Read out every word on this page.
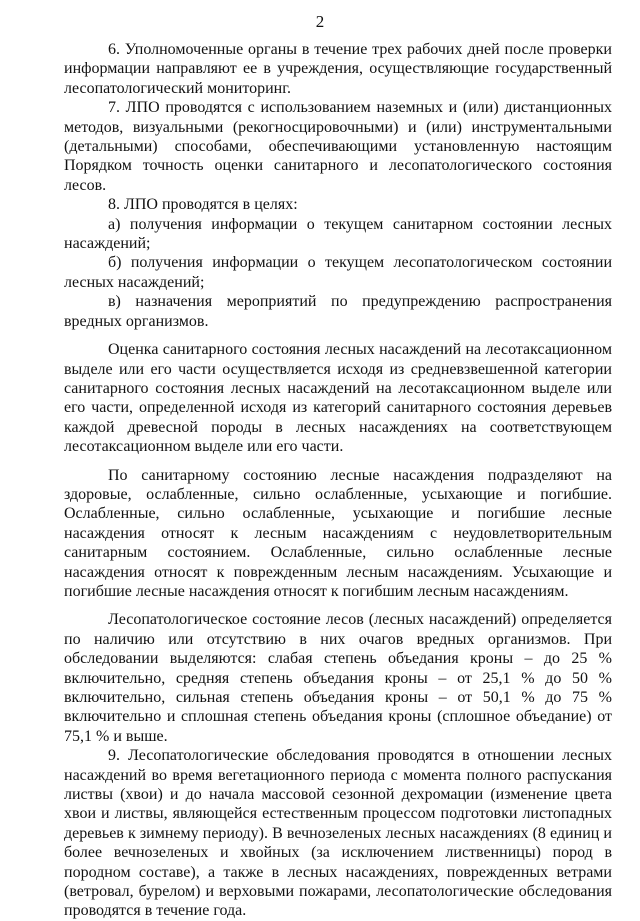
2

6. Уполномоченные органы в течение трех рабочих дней после проверки информации направляют ее в учреждения, осуществляющие государственный лесопатологический мониторинг.

7. ЛПО проводятся с использованием наземных и (или) дистанционных методов, визуальными (рекогносцировочными) и (или) инструментальными (детальными) способами, обеспечивающими установленную настоящим Порядком точность оценки санитарного и лесопатологического состояния лесов.

8. ЛПО проводятся в целях:

а) получения информации о текущем санитарном состоянии лесных насаждений;

б) получения информации о текущем лесопатологическом состоянии лесных насаждений;

в) назначения мероприятий по предупреждению распространения вредных организмов.

Оценка санитарного состояния лесных насаждений на лесотаксационном выделе или его части осуществляется исходя из средневзвешенной категории санитарного состояния лесных насаждений на лесотаксационном выделе или его части, определенной исходя из категорий санитарного состояния деревьев каждой древесной породы в лесных насаждениях на соответствующем лесотаксационном выделе или его части.

По санитарному состоянию лесные насаждения подразделяют на здоровые, ослабленные, сильно ослабленные, усыхающие и погибшие. Ослабленные, сильно ослабленные, усыхающие и погибшие лесные насаждения относят к лесным насаждениям с неудовлетворительным санитарным состоянием. Ослабленные, сильно ослабленные лесные насаждения относят к поврежденным лесным насаждениям. Усыхающие и погибшие лесные насаждения относят к погибшим лесным насаждениям.

Лесопатологическое состояние лесов (лесных насаждений) определяется по наличию или отсутствию в них очагов вредных организмов. При обследовании выделяются: слабая степень объедания кроны – до 25 % включительно, средняя степень объедания кроны – от 25,1 % до 50 % включительно, сильная степень объедания кроны – от 50,1 % до 75 % включительно и сплошная степень объедания кроны (сплошное объедание) от 75,1 % и выше.

9. Лесопатологические обследования проводятся в отношении лесных насаждений во время вегетационного периода с момента полного распускания листвы (хвои) и до начала массовой сезонной дехромации (изменение цвета хвои и листвы, являющейся естественным процессом подготовки листопадных деревьев к зимнему периоду). В вечнозеленых лесных насаждениях (8 единиц и более вечнозеленых и хвойных (за исключением лиственницы) пород в породном составе), а также в лесных насаждениях, поврежденных ветрами (ветровал, бурелом) и верховыми пожарами, лесопатологические обследования проводятся в течение года.
